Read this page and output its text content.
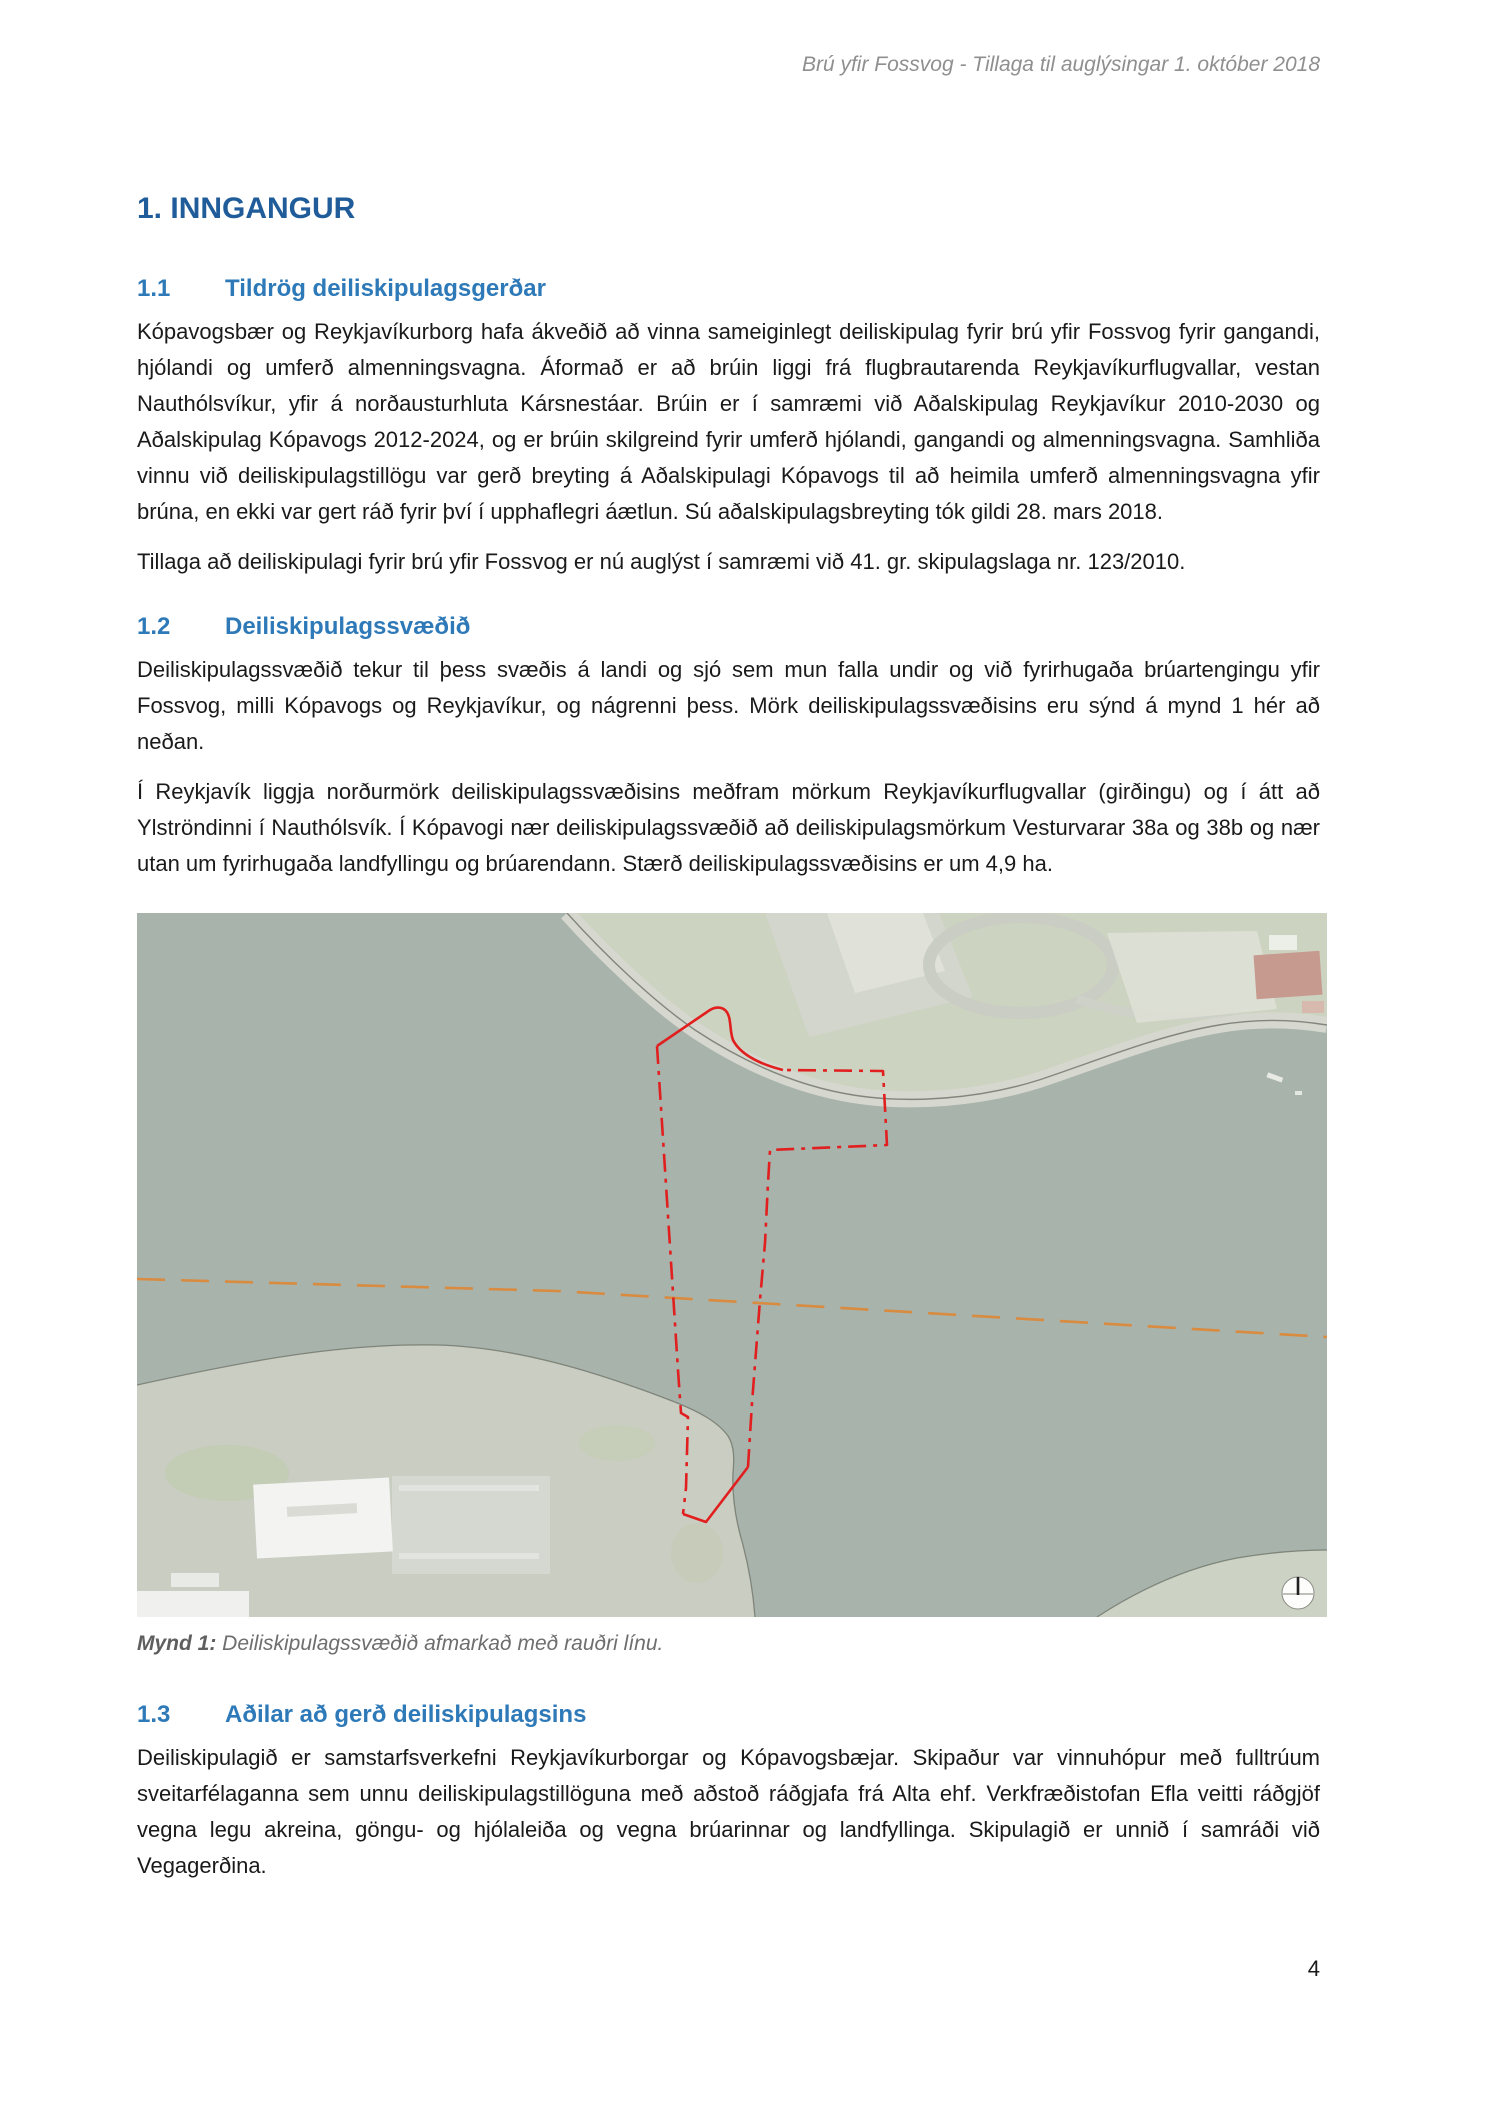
Brú yfir Fossvog - Tillaga til auglýsingar 1. október 2018
1. INNGANGUR
1.1 Tildrög deiliskipulagsgerðar

Kópavogsbær og Reykjavíkurborg hafa ákveðið að vinna sameiginlegt deiliskipulag fyrir brú yfir Fossvog fyrir gangandi, hjólandi og umferð almenningsvagna. Áformað er að brúin liggi frá flugbrautarenda Reykjavíkurflugvallar, vestan Nauthólsvíkur, yfir á norðausturhluta Kársnestáar. Brúin er í samræmi við Aðalskipulag Reykjavíkur 2010-2030 og Aðalskipulag Kópavogs 2012-2024, og er brúin skilgreind fyrir umferð hjólandi, gangandi og almenningsvagna. Samhliða vinnu við deiliskipulagstillögu var gerð breyting á Aðalskipulagi Kópavogs til að heimila umferð almenningsvagna yfir brúna, en ekki var gert ráð fyrir því í upphaflegri áætlun. Sú aðalskipulagsbreyting tók gildi 28. mars 2018.

Tillaga að deiliskipulagi fyrir brú yfir Fossvog er nú auglýst í samræmi við 41. gr. skipulagslaga nr. 123/2010.

1.2 Deiliskipulagssvæðið

Deiliskipulagssvæðið tekur til þess svæðis á landi og sjó sem mun falla undir og við fyrirhugaða brúartengingu yfir Fossvog, milli Kópavogs og Reykjavíkur, og nágrenni þess. Mörk deiliskipulagssvæðisins eru sýnd á mynd 1 hér að neðan.

Í Reykjavík liggja norðurmörk deiliskipulagssvæðisins meðfram mörkum Reykjavíkurflugvallar (girðingu) og í átt að Ylströndinni í Nauthólsvík. Í Kópavogi nær deiliskipulagssvæðið að deiliskipulagsmörkum Vesturvarar 38a og 38b og nær utan um fyrirhugaða landfyllingu og brúarendann. Stærð deiliskipulagssvæðisins er um 4,9 ha.

Mynd 1: Deiliskipulagssvæðið afmarkað með rauðri línu.
1.3 Aðilar að gerð deiliskipulagsins

Deiliskipulagið er samstarfsverkefni Reykjavíkurborgar og Kópavogsbæjar. Skipaður var vinnuhópur með fulltrúum sveitarfélaganna sem unnu deiliskipulagstillöguna með aðstoð ráðgjafa frá Alta ehf. Verkfræðistofan Efla veitti ráðgjöf vegna legu akreina, göngu- og hjólaleiða og vegna brúarinnar og landfyllinga. Skipulagið er unnið í samráði við Vegagerðina.

4
